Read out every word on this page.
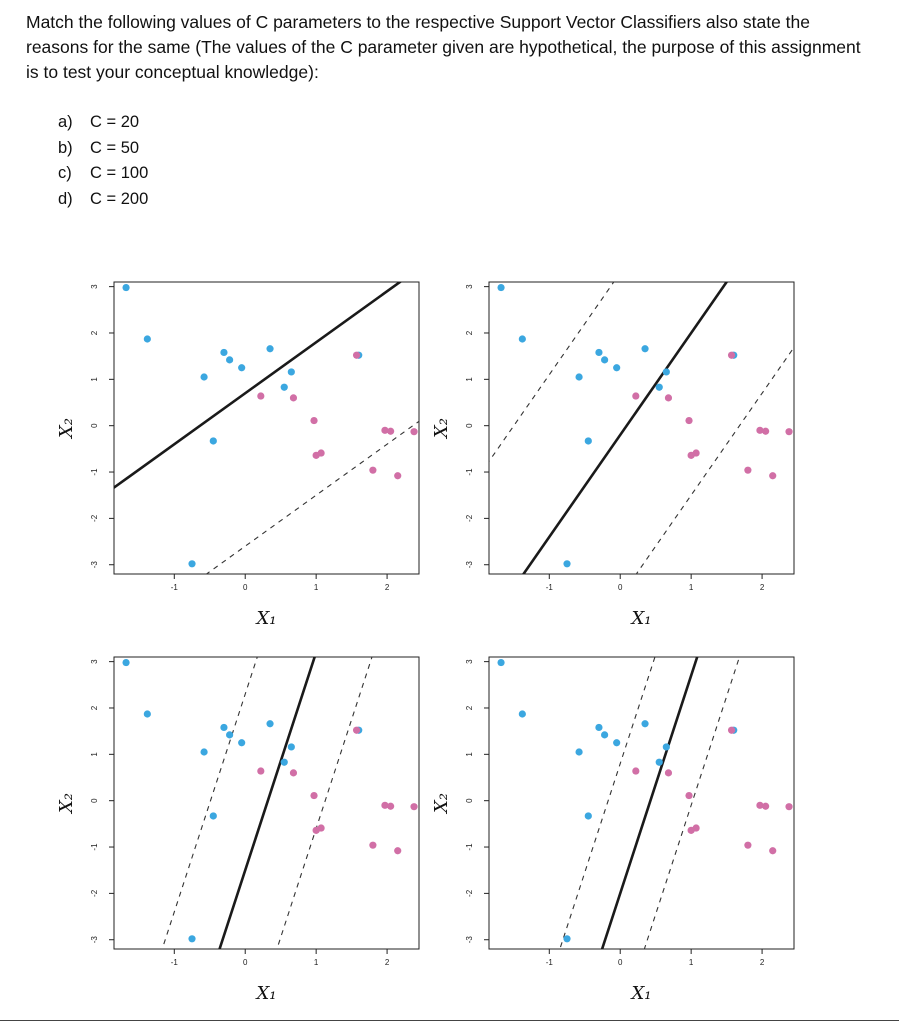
Match the following values of C parameters to the respective Support Vector Classifiers also state the reasons for the same (The values of the C parameter given are hypothetical, the purpose of this assignment is to test your conceptual knowledge):
a)	C = 20
b)	C = 50
c)	C = 100
d)	C = 200
-1	0	1	2
-3
-2
-1
0
1
2
3
X₁
X₂
-1	0	1	2
-3
-2
-1
0
1
2
3
X₁
X₂
-1	0	1	2
-3
-2
-1
0
1
2
3
X₁
X₂
-1	0	1	2
-3
-2
-1
0
1
2
3
X₁
X₂
